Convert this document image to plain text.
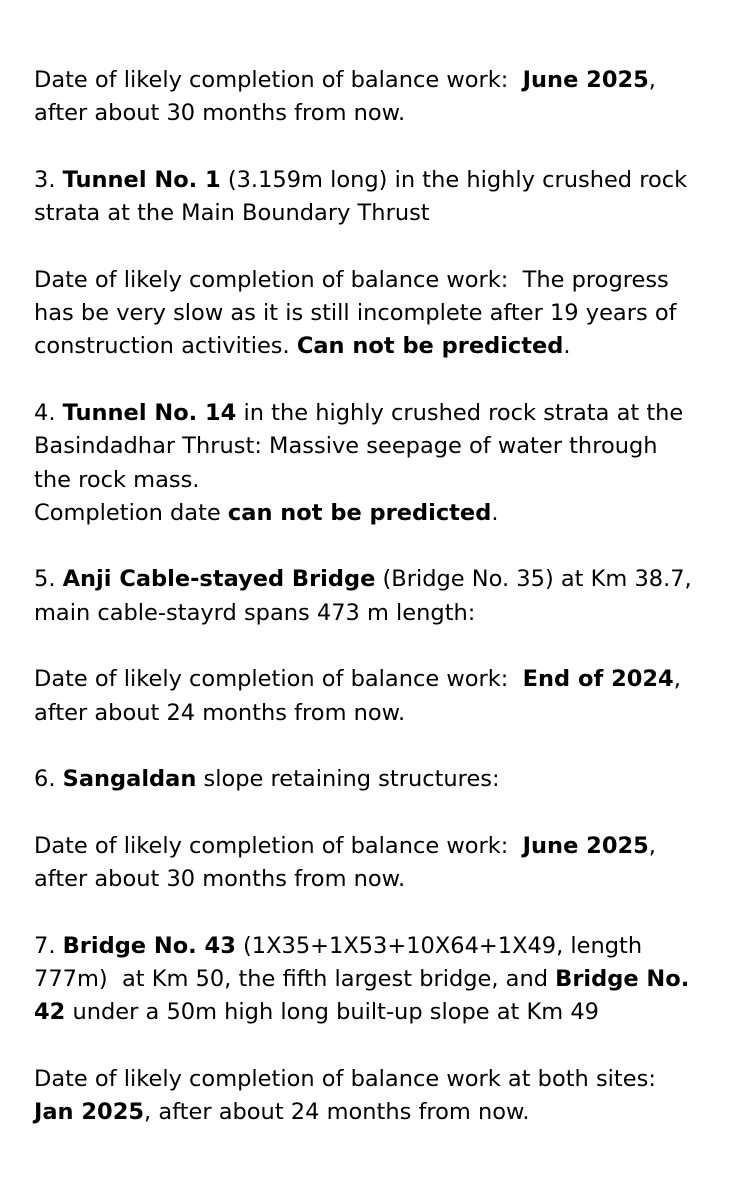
Date of likely completion of balance work:  June 2025, after about 30 months from now.

3. Tunnel No. 1 (3.159m long) in the highly crushed rock strata at the Main Boundary Thrust

Date of likely completion of balance work:  The progress has be very slow as it is still incomplete after 19 years of construction activities. Can not be predicted.

4. Tunnel No. 14 in the highly crushed rock strata at the Basindadhar Thrust: Massive seepage of water through the rock mass.

Completion date can not be predicted.

5. Anji Cable-stayed Bridge (Bridge No. 35) at Km 38.7, main cable-stayrd spans 473 m length:

Date of likely completion of balance work:  End of 2024, after about 24 months from now.

6. Sangaldan slope retaining structures:

Date of likely completion of balance work:  June 2025, after about 30 months from now.

7. Bridge No. 43 (1X35+1X53+10X64+1X49, length 777m)  at Km 50, the fifth largest bridge, and Bridge No. 42 under a 50m high long built-up slope at Km 49

Date of likely completion of balance work at both sites:  Jan 2025, after about 24 months from now.
